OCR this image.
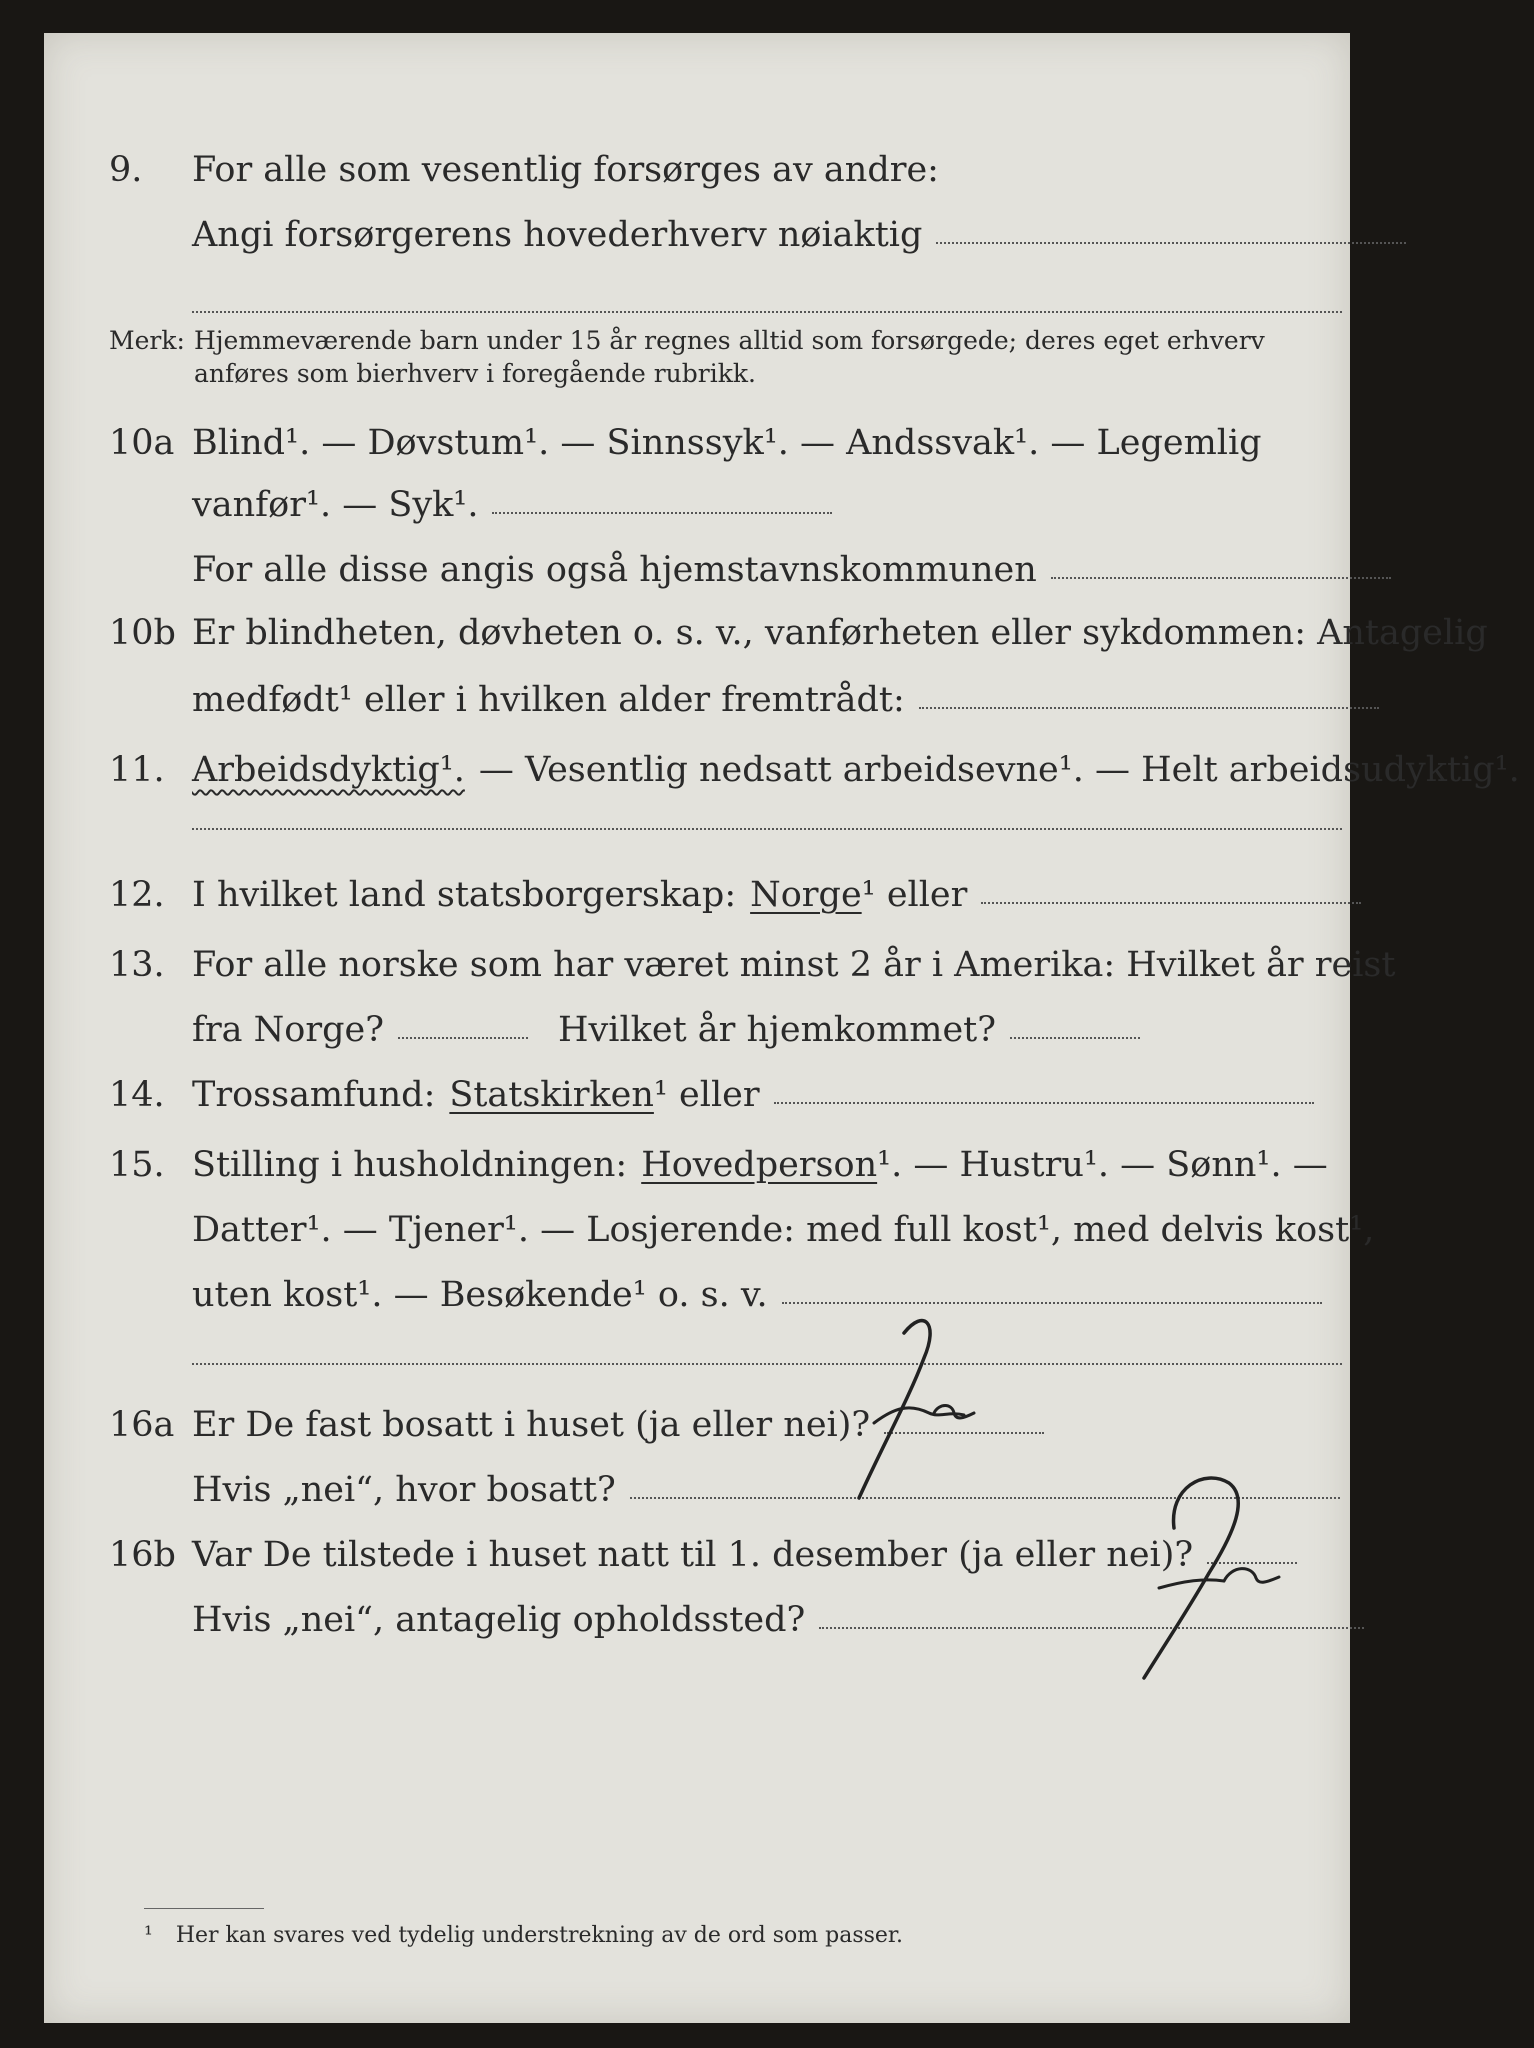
9. For alle som vesentlig forsørges av andre:
Angi forsørgerens hovederhverv nøiaktig
Merk: Hjemmeværende barn under 15 år regnes alltid som forsørgede; deres eget erhverv
anføres som bierhverv i foregående rubrikk.
10a Blind¹. — Døvstum¹. — Sinnssyk¹. — Andssvak¹. — Legemlig
vanfør¹. — Syk¹.
For alle disse angis også hjemstavnskommunen
10b Er blindheten, døvheten o. s. v., vanførheten eller sykdommen: Antagelig
medfødt¹ eller i hvilken alder fremtrådt:
11. Arbeidsdyktig¹. — Vesentlig nedsatt arbeidsevne¹. — Helt arbeidsudyktig¹.
12. I hvilket land statsborgerskap: Norge ¹ eller
13. For alle norske som har været minst 2 år i Amerika: Hvilket år reist
fra Norge?	Hvilket år hjemkommet?
14. Trossamfund: Statskirken ¹ eller
15. Stilling i husholdningen: Hovedperson ¹. — Hustru¹. — Sønn¹. —
Datter¹. — Tjener¹. — Losjerende: med full kost¹, med delvis kost¹,
uten kost¹. — Besøkende¹ o. s. v.
16a Er De fast bosatt i huset (ja eller nei)?
Hvis „nei“, hvor bosatt?
16b Var De tilstede i huset natt til 1. desember (ja eller nei)?
Hvis „nei“, antagelig opholdssted?
¹ Her kan svares ved tydelig understrekning av de ord som passer.
